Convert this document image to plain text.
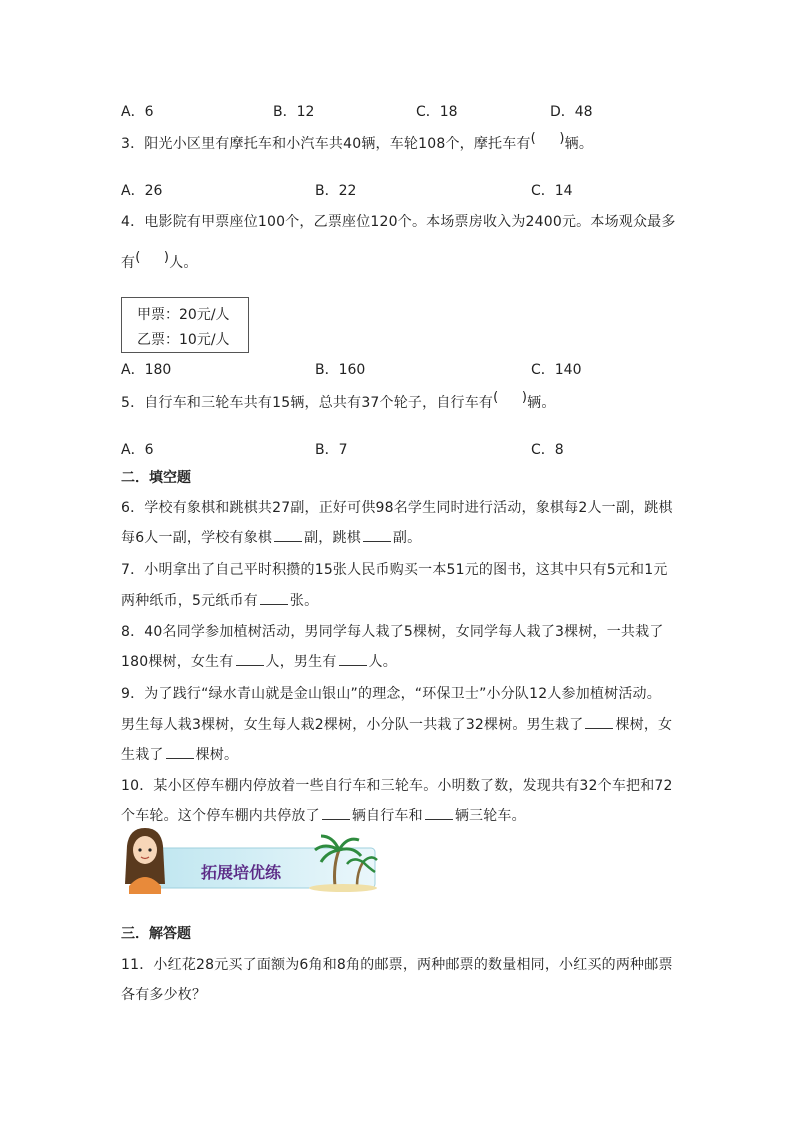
A．6	B．12	C．18	D．48
3．阳光小区里有摩托车和小汽车共40辆，车轮108个，摩托车有 (   ) 辆。
A．26	B．22	C．14
4．电影院有甲票座位100个，乙票座位120个。本场票房收入为2400元。本场观众最多
有 (   ) 人。
甲票：20元/人
乙票：10元/人
A．180	B．160	C．140
5．自行车和三轮车共有15辆，总共有37个轮子，自行车有 (   ) 辆。
A．6	B．7	C．8
二．填空题
6．学校有象棋和跳棋共27副，正好可供98名学生同时进行活动，象棋每2人一副，跳棋
每6人一副，学校有象棋 副，跳棋 副。
7．小明拿出了自己平时积攒的15张人民币购买一本51元的图书，这其中只有5元和1元
两种纸币，5元纸币有 张。
8．40名同学参加植树活动，男同学每人栽了5棵树，女同学每人栽了3棵树，一共栽了
180棵树，女生有 人，男生有 人。
9．为了践行“绿水青山就是金山银山”的理念，“环保卫士”小分队12人参加植树活动。
男生每人栽3棵树，女生每人栽2棵树，小分队一共栽了32棵树。男生栽了 棵树，女
生栽了 棵树。
10．某小区停车棚内停放着一些自行车和三轮车。小明数了数，发现共有32个车把和72
个车轮。这个停车棚内共停放了 辆自行车和 辆三轮车。
拓展培优练
三．解答题
11．小红花28元买了面额为6角和8角的邮票，两种邮票的数量相同，小红买的两种邮票
各有多少枚？
